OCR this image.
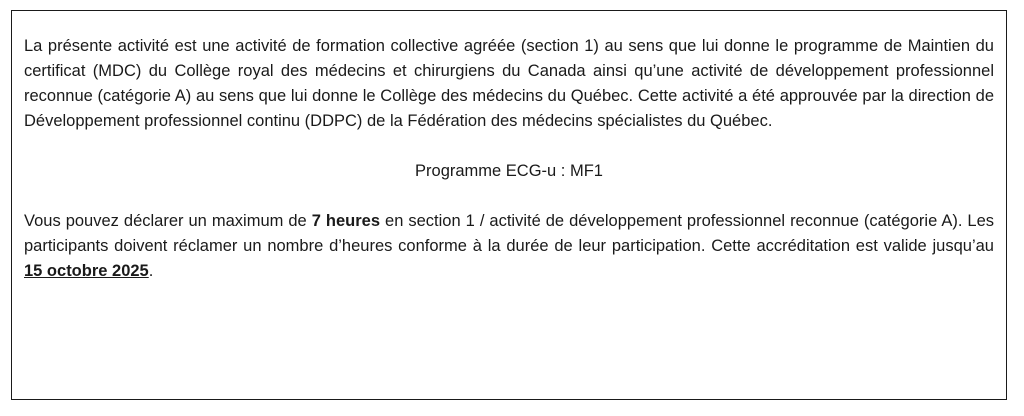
La présente activité est une activité de formation collective agréée (section 1) au sens que lui donne le programme de Maintien du certificat (MDC) du Collège royal des médecins et chirurgiens du Canada ainsi qu’une activité de développement professionnel reconnue (catégorie A) au sens que lui donne le Collège des médecins du Québec. Cette activité a été approuvée par la direction de Développement professionnel continu (DDPC) de la Fédération des médecins spécialistes du Québec.

Programme ECG-u : MF1

Vous pouvez déclarer un maximum de 7 heures en section 1 / activité de développement professionnel reconnue (catégorie A). Les participants doivent réclamer un nombre d’heures conforme à la durée de leur participation. Cette accréditation est valide jusqu’au 15 octobre 2025.
